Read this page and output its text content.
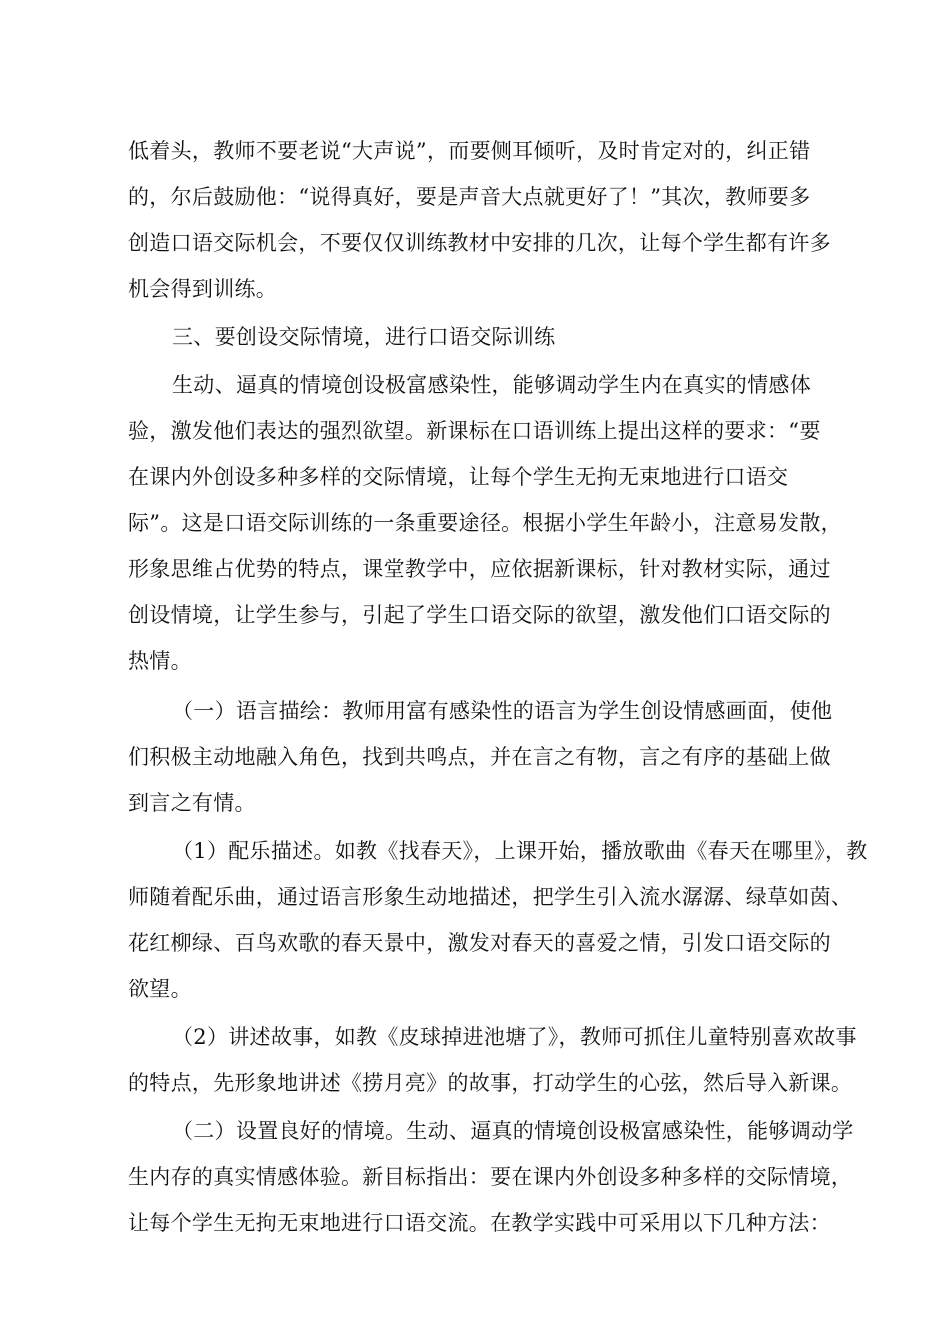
低着头，教师不要老说“大声说”，而要侧耳倾听，及时肯定对的，纠正错

的，尔后鼓励他：“说得真好，要是声音大点就更好了！”其次，教师要多

创造口语交际机会，不要仅仅训练教材中安排的几次，让每个学生都有许多

机会得到训练。

三、要创设交际情境，进行口语交际训练

生动、逼真的情境创设极富感染性，能够调动学生内在真实的情感体

验，激发他们表达的强烈欲望。新课标在口语训练上提出这样的要求：“要

在课内外创设多种多样的交际情境，让每个学生无拘无束地进行口语交

际”。这是口语交际训练的一条重要途径。根据小学生年龄小，注意易发散，

形象思维占优势的特点，课堂教学中，应依据新课标，针对教材实际，通过

创设情境，让学生参与，引起了学生口语交际的欲望，激发他们口语交际的

热情。

（一）语言描绘：教师用富有感染性的语言为学生创设情感画面，使他

们积极主动地融入角色，找到共鸣点，并在言之有物，言之有序的基础上做

到言之有情。

（1）配乐描述。如教《找春天》，上课开始，播放歌曲《春天在哪里》，教

师随着配乐曲，通过语言形象生动地描述，把学生引入流水潺潺、绿草如茵、

花红柳绿、百鸟欢歌的春天景中，激发对春天的喜爱之情，引发口语交际的

欲望。

（2）讲述故事，如教《皮球掉进池塘了》，教师可抓住儿童特别喜欢故事

的特点，先形象地讲述《捞月亮》的故事，打动学生的心弦，然后导入新课。

（二）设置良好的情境。生动、逼真的情境创设极富感染性，能够调动学

生内存的真实情感体验。新目标指出：要在课内外创设多种多样的交际情境，

让每个学生无拘无束地进行口语交流。在教学实践中可采用以下几种方法：
